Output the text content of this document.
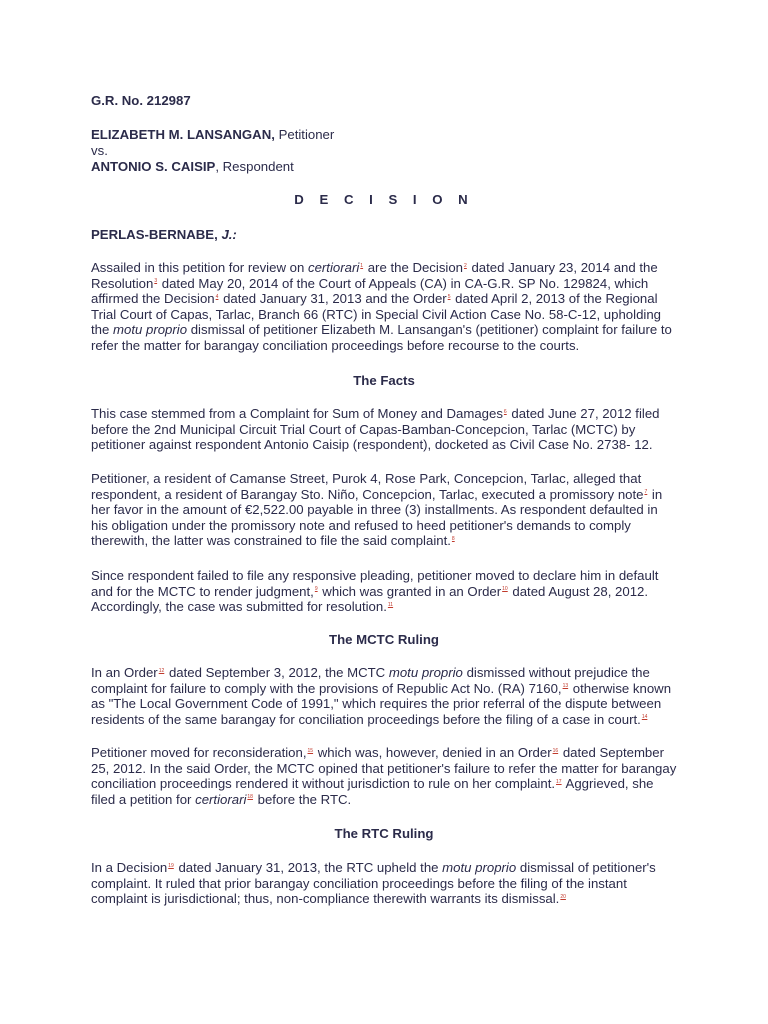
G.R. No. 212987

ELIZABETH M. LANSANGAN, Petitioner

vs.

ANTONIO S. CAISIP, Respondent

D E C I S I O N

PERLAS-BERNABE, J.:

Assailed in this petition for review on certiorari$^1$ are the Decision$^2$ dated January 23, 2014 and the Resolution$^3$ dated May 20, 2014 of the Court of Appeals (CA) in CA-G.R. SP No. 129824, which affirmed the Decision$^4$ dated January 31, 2013 and the Order$^5$ dated April 2, 2013 of the Regional Trial Court of Capas, Tarlac, Branch 66 (RTC) in Special Civil Action Case No. 58-C-12, upholding the motu proprio dismissal of petitioner Elizabeth M. Lansangan's (petitioner) complaint for failure to refer the matter for barangay conciliation proceedings before recourse to the courts.

The Facts

This case stemmed from a Complaint for Sum of Money and Damages$^6$ dated June 27, 2012 filed before the 2nd Municipal Circuit Trial Court of Capas-Bamban-Concepcion, Tarlac (MCTC) by petitioner against respondent Antonio Caisip (respondent), docketed as Civil Case No. 2738- 12.

Petitioner, a resident of Camanse Street, Purok 4, Rose Park, Concepcion, Tarlac, alleged that respondent, a resident of Barangay Sto. Niño, Concepcion, Tarlac, executed a promissory note$^7$ in her favor in the amount of €2,522.00 payable in three (3) installments. As respondent defaulted in his obligation under the promissory note and refused to heed petitioner's demands to comply therewith, the latter was constrained to file the said complaint.$^8$

Since respondent failed to file any responsive pleading, petitioner moved to declare him in default and for the MCTC to render judgment,$^9$ which was granted in an Order$^{10}$ dated August 28, 2012. Accordingly, the case was submitted for resolution.$^{11}$

The MCTC Ruling

In an Order$^{12}$ dated September 3, 2012, the MCTC motu proprio dismissed without prejudice the complaint for failure to comply with the provisions of Republic Act No. (RA) 7160,13 otherwise known as "The Local Government Code of 1991," which requires the prior referral of the dispute between residents of the same barangay for conciliation proceedings before the filing of a case in court.$^{14}$

Petitioner moved for reconsideration,$^{15}$ which was, however, denied in an Order$^{16}$ dated September 25, 2012. In the said Order, the MCTC opined that petitioner's failure to refer the matter for barangay conciliation proceedings rendered it without jurisdiction to rule on her complaint.$^{17}$ Aggrieved, she filed a petition for certiorari$^{18}$ before the RTC.

The RTC Ruling

In a Decision$^{19}$ dated January 31, 2013, the RTC upheld the motu proprio dismissal of petitioner's complaint. It ruled that prior barangay conciliation proceedings before the filing of the instant complaint is jurisdictional; thus, non-compliance therewith warrants its dismissal.$^{20}$
